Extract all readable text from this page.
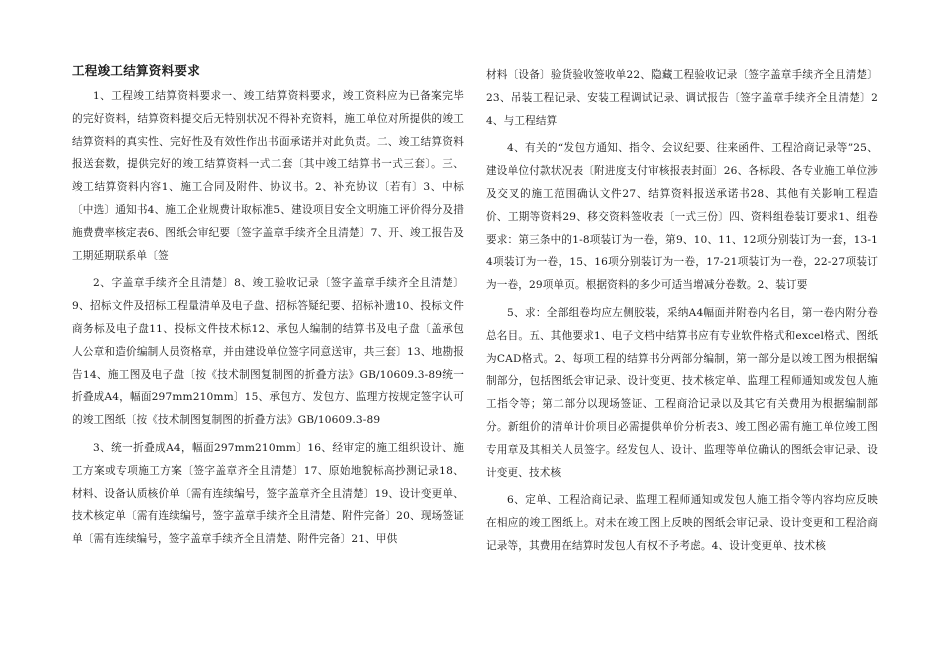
工程竣工结算资料要求

1、工程竣工结算资料要求一、竣工结算资料要求，竣工资料应为已备案完毕的完好资料，结算资料提交后无特别状况不得补充资料，施工单位对所提供的竣工结算资料的真实性、完好性及有效性作出书面承诺并对此负责。二、竣工结算资料报送套数，提供完好的竣工结算资料一式二套〔其中竣工结算书一式三套〕。三、竣工结算资料内容1、施工合同及附件、协议书。2、补充协议〔若有〕3、中标〔中选〕通知书4、施工企业规费计取标准5、建设项目安全文明施工评价得分及措施费费率核定表6、图纸会审纪要〔签字盖章手续齐全且清楚〕7、开、竣工报告及工期延期联系单〔签

2、字盖章手续齐全且清楚〕8、竣工验收记录〔签字盖章手续齐全且清楚〕9、招标文件及招标工程量清单及电子盘、招标答疑纪要、招标补遗10、投标文件商务标及电子盘11、投标文件技术标12、承包人编制的结算书及电子盘〔盖承包人公章和造价编制人员资格章，并由建设单位签字同意送审，共三套〕13、地勘报告14、施工图及电子盘〔按《技术制图复制图的折叠方法》GB/10609.3-89统一折叠成A4，幅面297mm210mm〕15、承包方、发包方、监理方按规定签字认可的竣工图纸〔按《技术制图复制图的折叠方法》GB/10609.3-89

3、统一折叠成A4，幅面297mm210mm〕16、经审定的施工组织设计、施工方案或专项施工方案〔签字盖章齐全且清楚〕17、原始地貌标高抄测记录18、材料、设备认质核价单〔需有连续编号，签字盖章齐全且清楚〕19、设计变更单、技术核定单〔需有连续编号，签字盖章手续齐全且清楚、附件完备〕20、现场签证单〔需有连续编号，签字盖章手续齐全且清楚、附件完备〕21、甲供

材料〔设备〕验货验收签收单22、隐藏工程验收记录〔签字盖章手续齐全且清楚〕23、吊装工程记录、安装工程调试记录、调试报告〔签字盖章手续齐全且清楚〕24、与工程结算

4、有关的“发包方通知、指令、会议纪要、往来函件、工程洽商记录等”25、建设单位付款状况表〔附进度支付审核报表封面〕26、各标段、各专业施工单位涉及交叉的施工范围确认文件27、结算资料报送承诺书28、其他有关影响工程造价、工期等资料29、移交资料签收表〔一式三份〕四、资料组卷装订要求1、组卷要求：第三条中的1-8项装订为一卷，第9、10、11、12项分别装订为一套，13-14项装订为一卷，15、16项分别装订为一卷，17-21项装订为一卷，22-27项装订为一卷，29项单页。根据资料的多少可适当增减分卷数。2、装订要

5、求：全部组卷均应左侧胶装，采纳A4幅面并附卷内名目，第一卷内附分卷总名目。五、其他要求1、电子文档中结算书应有专业软件格式和excel格式、图纸为CAD格式。2、每项工程的结算书分两部分编制，第一部分是以竣工图为根据编制部分，包括图纸会审记录、设计变更、技术核定单、监理工程师通知或发包人施工指令等；第二部分以现场签证、工程商洽记录以及其它有关费用为根据编制部分。新组价的清单计价项目必需提供单价分析表3、竣工图必需有施工单位竣工图专用章及其相关人员签字。经发包人、设计、监理等单位确认的图纸会审记录、设计变更、技术核

6、定单、工程洽商记录、监理工程师通知或发包人施工指令等内容均应反映在相应的竣工图纸上。对未在竣工图上反映的图纸会审记录、设计变更和工程洽商记录等，其费用在结算时发包人有权不予考虑。4、设计变更单、技术核
